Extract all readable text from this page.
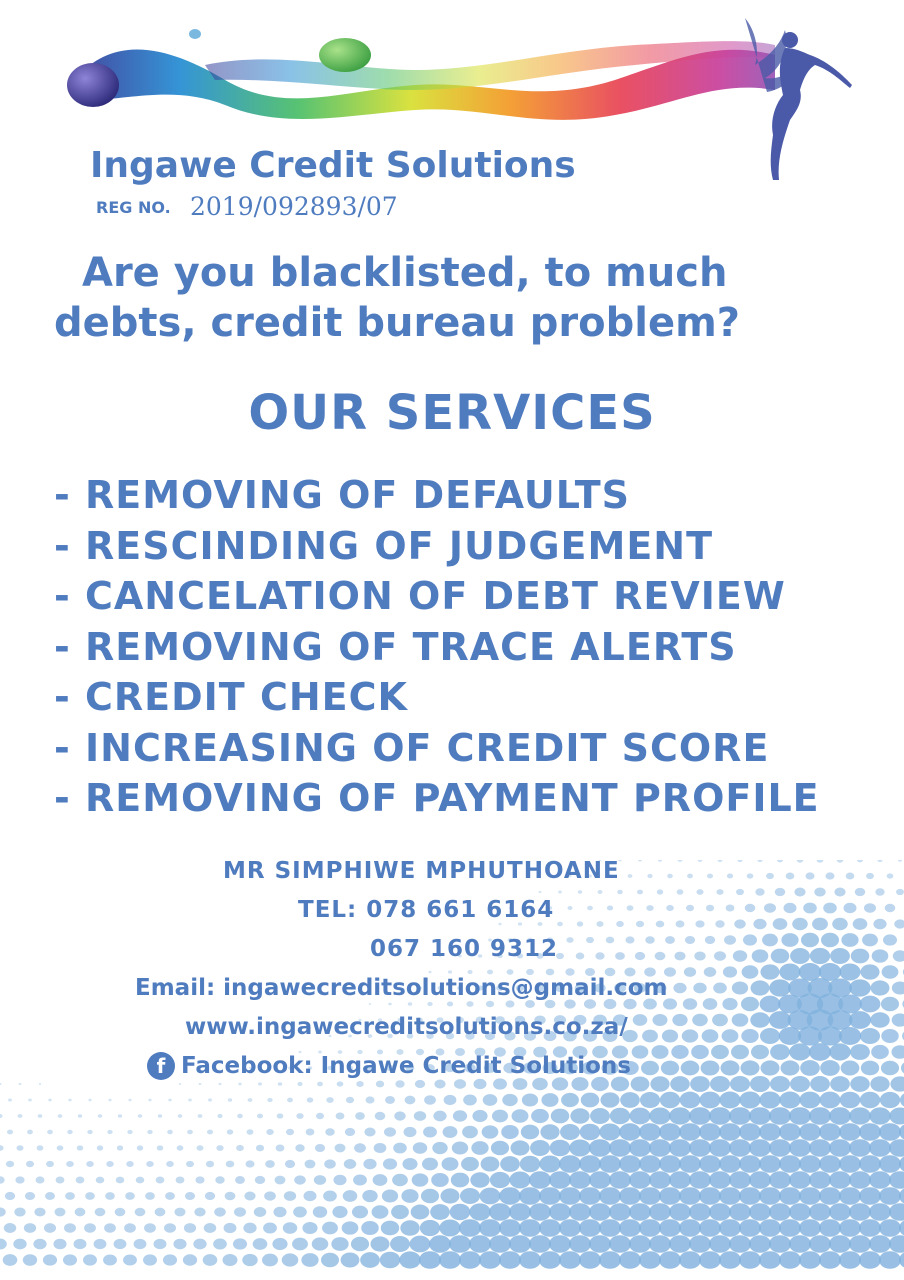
Ingawe Credit Solutions
REG NO. 2019/092893/07
Are you blacklisted, to much
debts, credit bureau problem?
OUR SERVICES
- REMOVING OF DEFAULTS
- RESCINDING OF JUDGEMENT
- CANCELATION OF DEBT REVIEW
- REMOVING OF TRACE ALERTS
- CREDIT CHECK
- INCREASING OF CREDIT SCORE
- REMOVING OF PAYMENT PROFILE
MR SIMPHIWE MPHUTHOANE
TEL: 078 661 6164
067 160 9312
Email: ingawecreditsolutions@gmail.com
www.ingawecreditsolutions.co.za/
f Facebook: Ingawe Credit Solutions
